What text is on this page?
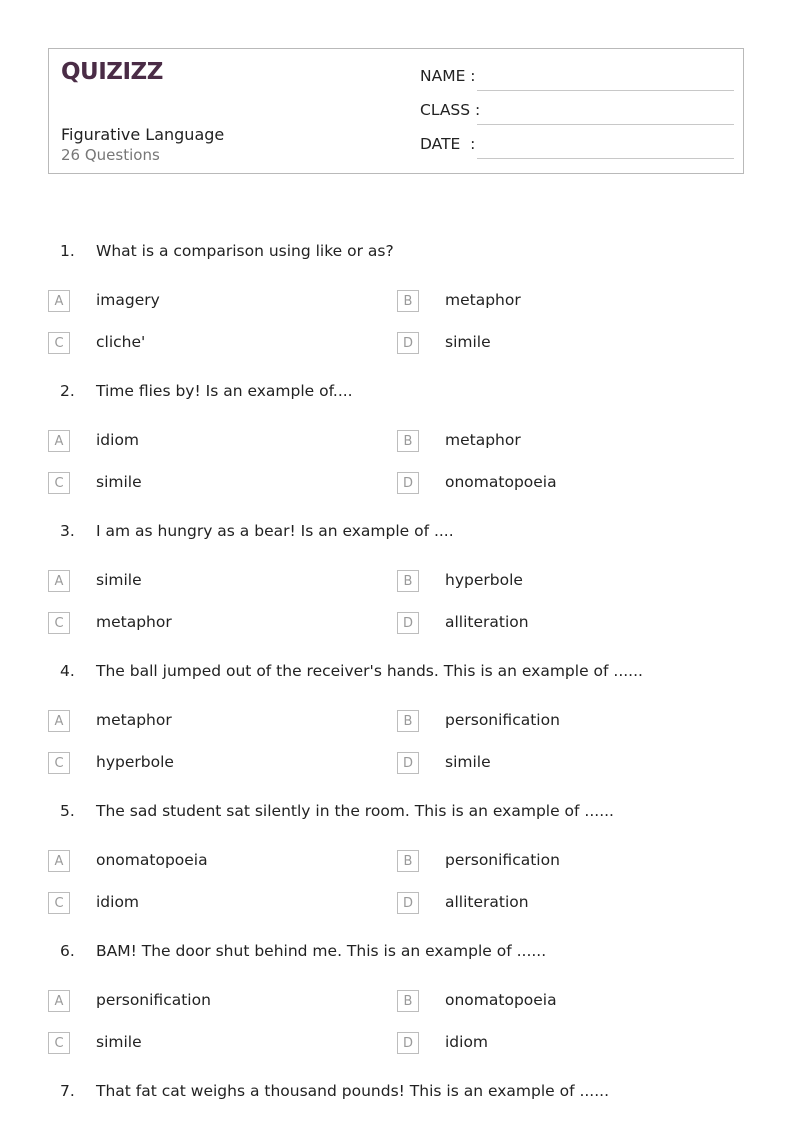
QUIZIZZ
Figurative Language
26 Questions
NAME :
CLASS :
DATE  :
1. What is a comparison using like or as?
A	imagery	B	metaphor
C	cliche'	D	simile
2. Time flies by! Is an example of....
A	idiom	B	metaphor
C	simile	D	onomatopoeia
3. I am as hungry as a bear! Is an example of ....
A	simile	B	hyperbole
C	metaphor	D	alliteration
4. The ball jumped out of the receiver's hands. This is an example of ......
A	metaphor	B	personification
C	hyperbole	D	simile
5. The sad student sat silently in the room. This is an example of ......
A	onomatopoeia	B	personification
C	idiom	D	alliteration
6. BAM! The door shut behind me. This is an example of ......
A	personification	B	onomatopoeia
C	simile	D	idiom
7. That fat cat weighs a thousand pounds! This is an example of ......
